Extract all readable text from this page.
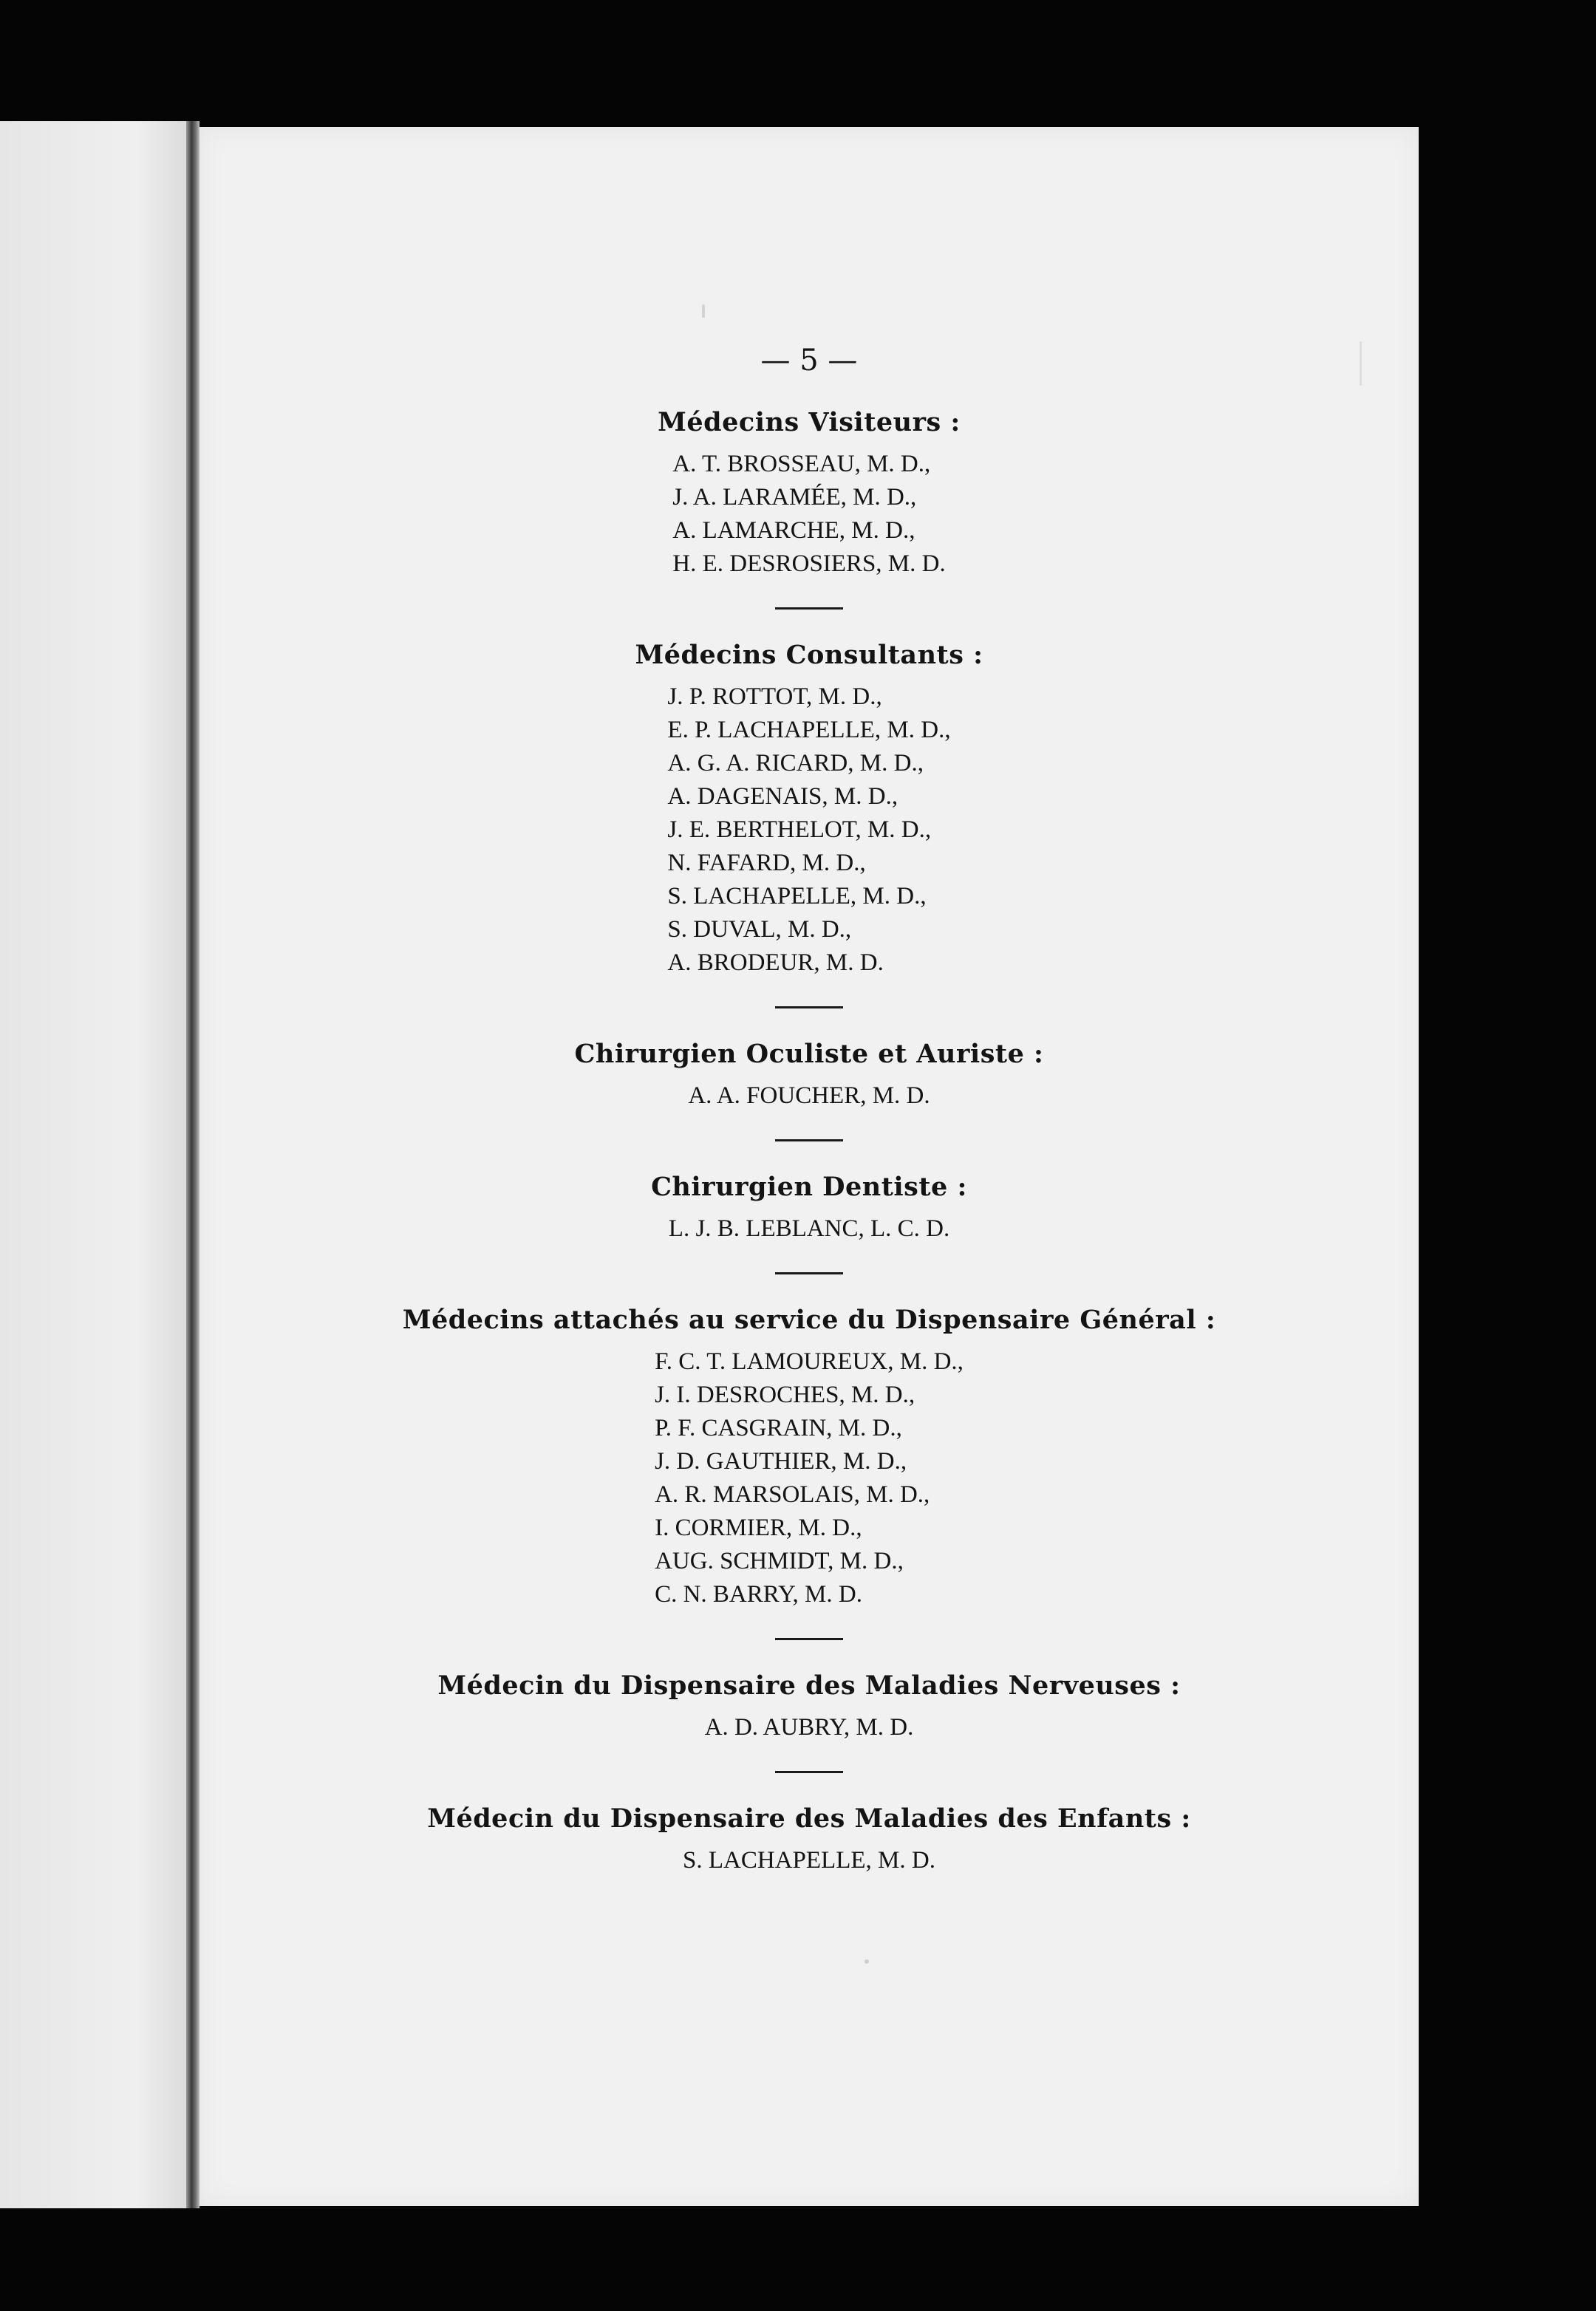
— 5 —
Médecins Visiteurs :
A. T. BROSSEAU, M. D.,
J. A. LARAMÉE, M. D.,
A. LAMARCHE, M. D.,
H. E. DESROSIERS, M. D.
Médecins Consultants :
J. P. ROTTOT, M. D.,
E. P. LACHAPELLE, M. D.,
A. G. A. RICARD, M. D.,
A. DAGENAIS, M. D.,
J. E. BERTHELOT, M. D.,
N. FAFARD, M. D.,
S. LACHAPELLE, M. D.,
S. DUVAL, M. D.,
A. BRODEUR, M. D.
Chirurgien Oculiste et Auriste :
A. A. FOUCHER, M. D.
Chirurgien Dentiste :
L. J. B. LEBLANC, L. C. D.
Médecins attachés au service du Dispensaire Général :
F. C. T. LAMOUREUX, M. D.,
J. I. DESROCHES, M. D.,
P. F. CASGRAIN, M. D.,
J. D. GAUTHIER, M. D.,
A. R. MARSOLAIS, M. D.,
I. CORMIER, M. D.,
AUG. SCHMIDT, M. D.,
C. N. BARRY, M. D.
Médecin du Dispensaire des Maladies Nerveuses :
A. D. AUBRY, M. D.
Médecin du Dispensaire des Maladies des Enfants :
S. LACHAPELLE, M. D.
